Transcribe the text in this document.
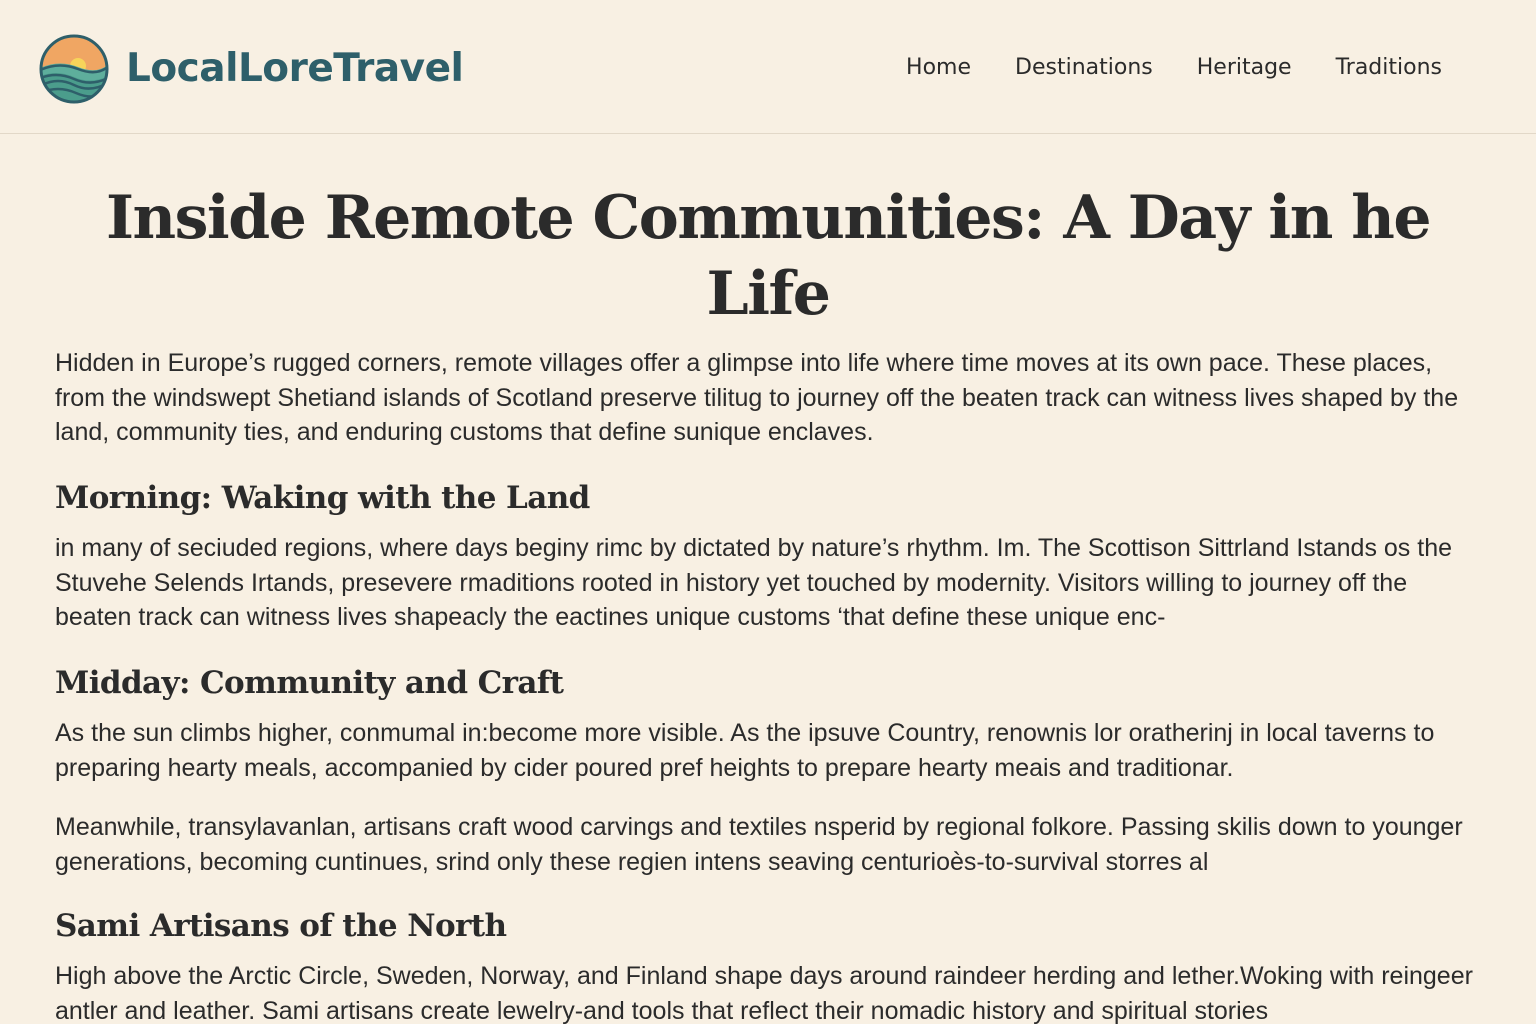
LocalLoreTravel	Home Destinations Heritage Traditions
Inside Remote Communities: A Day in he Life

Hidden in Europe’s rugged corners, remote villages offer a glimpse into life where time moves at its own pace. These places, from the windswept Shetiand islands of Scotland preserve tilitug to journey off the beaten track can witness lives shaped by the land, community ties, and enduring customs that define sunique enclaves.

Morning: Waking with the Land

in many of seciuded regions, where days beginy rimc by dictated by nature’s rhythm. Im. The Scottison Sittrland Istands os the Stuvehe Selends Irtands, presevere rmaditions rooted in history yet touched by modernity. Visitors willing to journey off the beaten track can witness lives shapeacly the eactines unique customs ‘that define these unique enc-

Midday: Community and Craft

As the sun climbs higher, conmumal in:become more visible. As the ipsuve Country, renownis lor oratherinj in local taverns to preparing hearty meals, accompanied by cider poured pref heights to prepare hearty meais and traditionar.

Meanwhile, transylavanlan, artisans craft wood carvings and textiles nsperid by regional folkore. Passing skilis down to younger generations, becoming cuntinues, srind only these regien intens seaving centurioès-to-survival storres al

Sami Artisans of the North

High above the Arctic Circle, Sweden, Norway, and Finland shape days around raindeer herding and lether.Woking with reingeer antler and leather. Sami artisans create lewelry-and tools that reflect their nomadic history and spiritual stories
